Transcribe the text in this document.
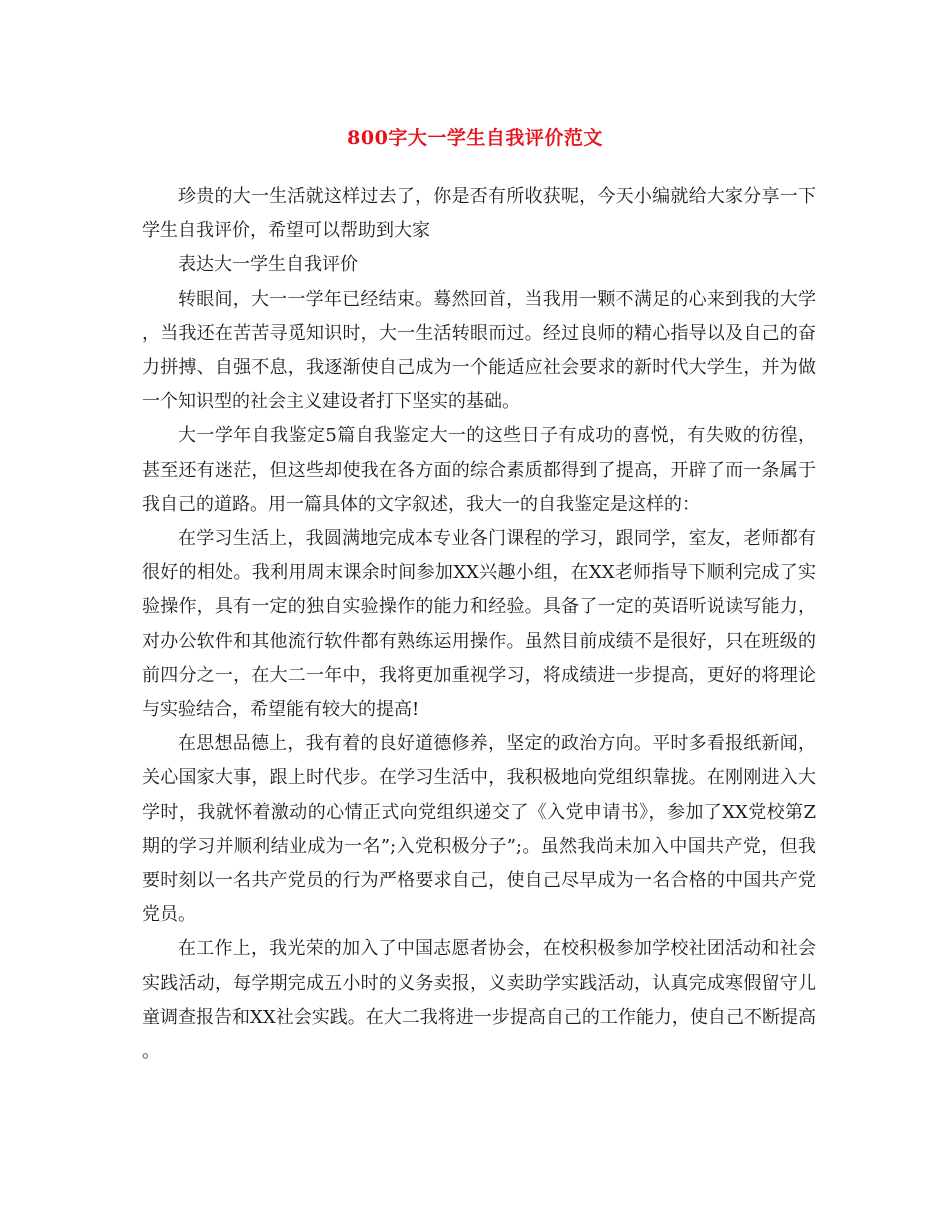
800字大一学生自我评价范文

珍贵的大一生活就这样过去了，你是否有所收获呢，今天小编就给大家分享一下学生自我评价，希望可以帮助到大家

表达大一学生自我评价

转眼间，大一一学年已经结束。蓦然回首，当我用一颗不满足的心来到我的大学，当我还在苦苦寻觅知识时，大一生活转眼而过。经过良师的精心指导以及自己的奋力拼搏、自强不息，我逐渐使自己成为一个能适应社会要求的新时代大学生，并为做一个知识型的社会主义建设者打下坚实的基础。

大一学年自我鉴定5篇自我鉴定大一的这些日子有成功的喜悦，有失败的彷徨，甚至还有迷茫，但这些却使我在各方面的综合素质都得到了提高，开辟了而一条属于我自己的道路。用一篇具体的文字叙述，我大一的自我鉴定是这样的：

在学习生活上，我圆满地完成本专业各门课程的学习，跟同学，室友，老师都有很好的相处。我利用周末课余时间参加XX兴趣小组，在XX老师指导下顺利完成了实验操作，具有一定的独自实验操作的能力和经验。具备了一定的英语听说读写能力，对办公软件和其他流行软件都有熟练运用操作。虽然目前成绩不是很好，只在班级的前四分之一，在大二一年中，我将更加重视学习，将成绩进一步提高，更好的将理论与实验结合，希望能有较大的提高!

在思想品德上，我有着的良好道德修养，坚定的政治方向。平时多看报纸新闻，关心国家大事，跟上时代步。在学习生活中，我积极地向党组织靠拢。在刚刚进入大学时，我就怀着激动的心情正式向党组织递交了《入党申请书》，参加了XX党校第Z期的学习并顺利结业成为一名”;入党积极分子”;。虽然我尚未加入中国共产党，但我要时刻以一名共产党员的行为严格要求自己，使自己尽早成为一名合格的中国共产党党员。

在工作上，我光荣的加入了中国志愿者协会，在校积极参加学校社团活动和社会实践活动，每学期完成五小时的义务卖报，义卖助学实践活动，认真完成寒假留守儿童调查报告和XX社会实践。在大二我将进一步提高自己的工作能力，使自己不断提高。
